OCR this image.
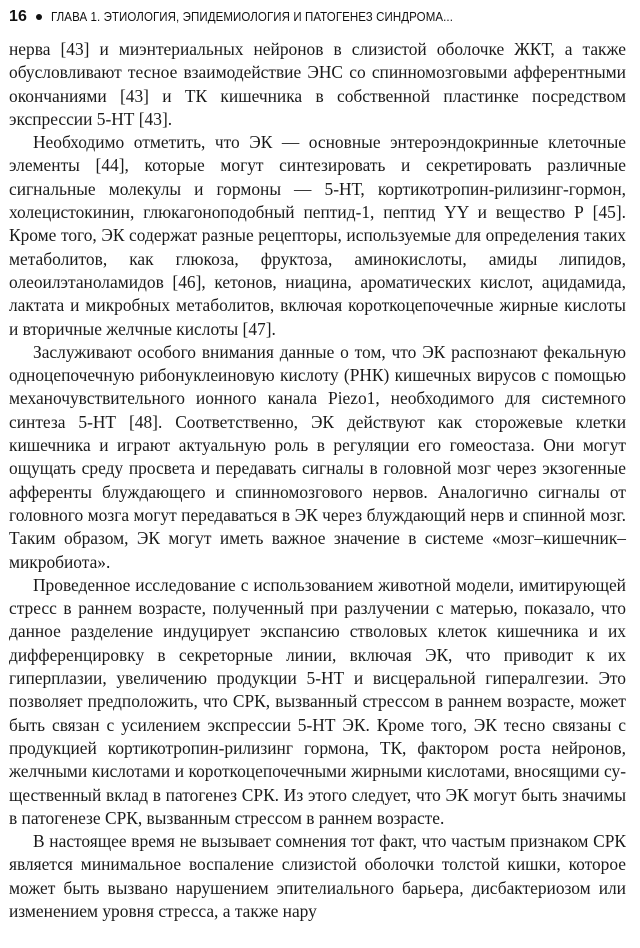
16 ГЛАВА 1. ЭТИОЛОГИЯ, ЭПИДЕМИОЛОГИЯ И ПАТОГЕНЕЗ СИНДРОМА...

нерва [43] и миэнтериальных нейронов в слизистой оболочке ЖКТ, а также обусловливают тесное взаимодействие ЭНС со спинномозговыми афферентными окончаниями [43] и ТК кишечника в собственной пластинке посредством экспрессии 5-НТ [43].

Необходимо отметить, что ЭК — основные энтероэндокринные клеточные элементы [44], которые могут синтезировать и секретировать различные сигнальные молекулы и гормоны — 5-НТ, кортикотропин-рилизинг-гормон, холецистокинин, глюкагоноподобный пептид-1, пептид YY и вещество Р [45]. Кроме того, ЭК содержат разные рецепторы, используемые для определения таких метаболитов, как глюкоза, фруктоза, аминокислоты, амиды липидов, олеоилэтаноламидов [46], кетонов, ниацина, ароматических кислот, ацидамида, лактата и микробных метаболитов, включая короткоцепочечные жирные кислоты и вторичные желчные кислоты [47].

Заслуживают особого внимания данные о том, что ЭК распознают фекальную одноцепочечную рибонуклеиновую кислоту (РНК) кишечных вирусов с помощью механочувствительного ионного канала Piezo1, необходимого для системного синтеза 5-НТ [48]. Соответственно, ЭК действуют как сторожевые клетки кишечника и играют актуальную роль в регуляции его гомеостаза. Они могут ощущать среду просвета и передавать сигналы в головной мозг через экзогенные афференты блуждающего и спинномозгового нервов. Аналогично сигналы от головного мозга могут передаваться в ЭК через блуждающий нерв и спинной мозг. Таким образом, ЭК могут иметь важное значение в системе «мозг–кишечник–микробиота».

Проведенное исследование с использованием животной модели, имитирующей стресс в раннем возрасте, полученный при разлучении с матерью, показало, что данное разделение индуцирует экспансию стволовых клеток кишечника и их дифференцировку в секреторные линии, включая ЭК, что приводит к их гиперплазии, увеличению продукции 5-НТ и висцеральной гипералгезии. Это позволяет предположить, что СРК, вызванный стрессом в раннем возрасте, может быть связан с усилением экспрессии 5-НТ ЭК. Кроме того, ЭК тесно связаны с продукцией кортикотропин-рилизинг гормона, ТК, фактором роста нейронов, желчными кислотами и короткоцепочечными жирными кислотами, вносящими существенный вклад в патогенез СРК. Из этого следует, что ЭК могут быть значимы в патогенезе СРК, вызванным стрессом в раннем возрасте.

В настоящее время не вызывает сомнения тот факт, что частым признаком СРК является минимальное воспаление слизистой оболочки толстой кишки, которое может быть вызвано нарушением эпителиального барьера, дисбактериозом или изменением уровня стресса, а также нару
